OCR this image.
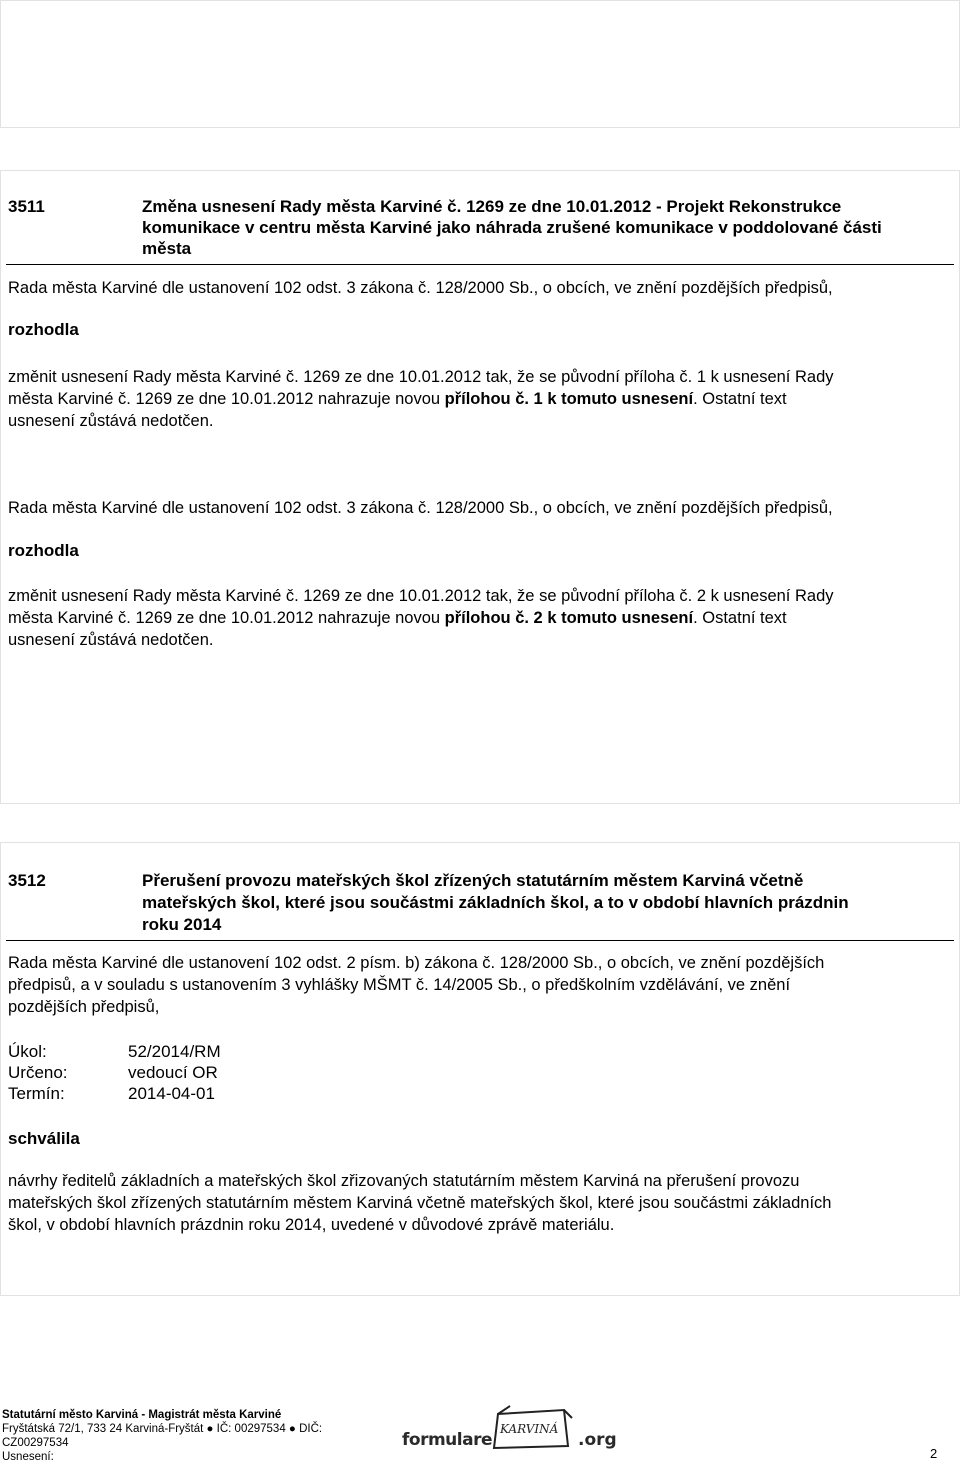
3511	Změna usnesení Rady města Karviné č. 1269 ze dne 10.01.2012 - Projekt Rekonstrukce
komunikace v centru města Karviné jako náhrada zrušené komunikace v poddolované části
města
Rada města Karviné dle ustanovení 102 odst. 3 zákona č. 128/2000 Sb., o obcích, ve znění pozdějších předpisů,
rozhodla
změnit usnesení Rady města Karviné č. 1269 ze dne 10.01.2012 tak, že se původní příloha č. 1 k usnesení Rady
města Karviné č. 1269 ze dne 10.01.2012 nahrazuje novou přílohou č. 1 k tomuto usnesení. Ostatní text
usnesení zůstává nedotčen.
Rada města Karviné dle ustanovení 102 odst. 3 zákona č. 128/2000 Sb., o obcích, ve znění pozdějších předpisů,
rozhodla
změnit usnesení Rady města Karviné č. 1269 ze dne 10.01.2012 tak, že se původní příloha č. 2 k usnesení Rady
města Karviné č. 1269 ze dne 10.01.2012 nahrazuje novou přílohou č. 2 k tomuto usnesení. Ostatní text
usnesení zůstává nedotčen.
3512	Přerušení provozu mateřských škol zřízených statutárním městem Karviná včetně
mateřských škol, které jsou součástmi základních škol, a to v období hlavních prázdnin
roku 2014
Rada města Karviné dle ustanovení 102 odst. 2 písm. b) zákona č. 128/2000 Sb., o obcích, ve znění pozdějších
předpisů, a v souladu s ustanovením 3 vyhlášky MŠMT č. 14/2005 Sb., o předškolním vzdělávání, ve znění
pozdějších předpisů,
Úkol:	52/2014/RM
Určeno:	vedoucí OR
Termín:	2014-04-01
schválila
návrhy ředitelů základních a mateřských škol zřizovaných statutárním městem Karviná na přerušení provozu
mateřských škol zřízených statutárním městem Karviná včetně mateřských škol, které jsou součástmi základních
škol, v období hlavních prázdnin roku 2014, uvedené v důvodové zprávě materiálu.
Statutární město Karviná - Magistrát města Karviné
Fryštátská 72/1, 733 24 Karviná-Fryštát ● IČ: 00297534 ● DIČ:
CZ00297534
Usnesení:
formulare
KARVINÁ
.org
2
